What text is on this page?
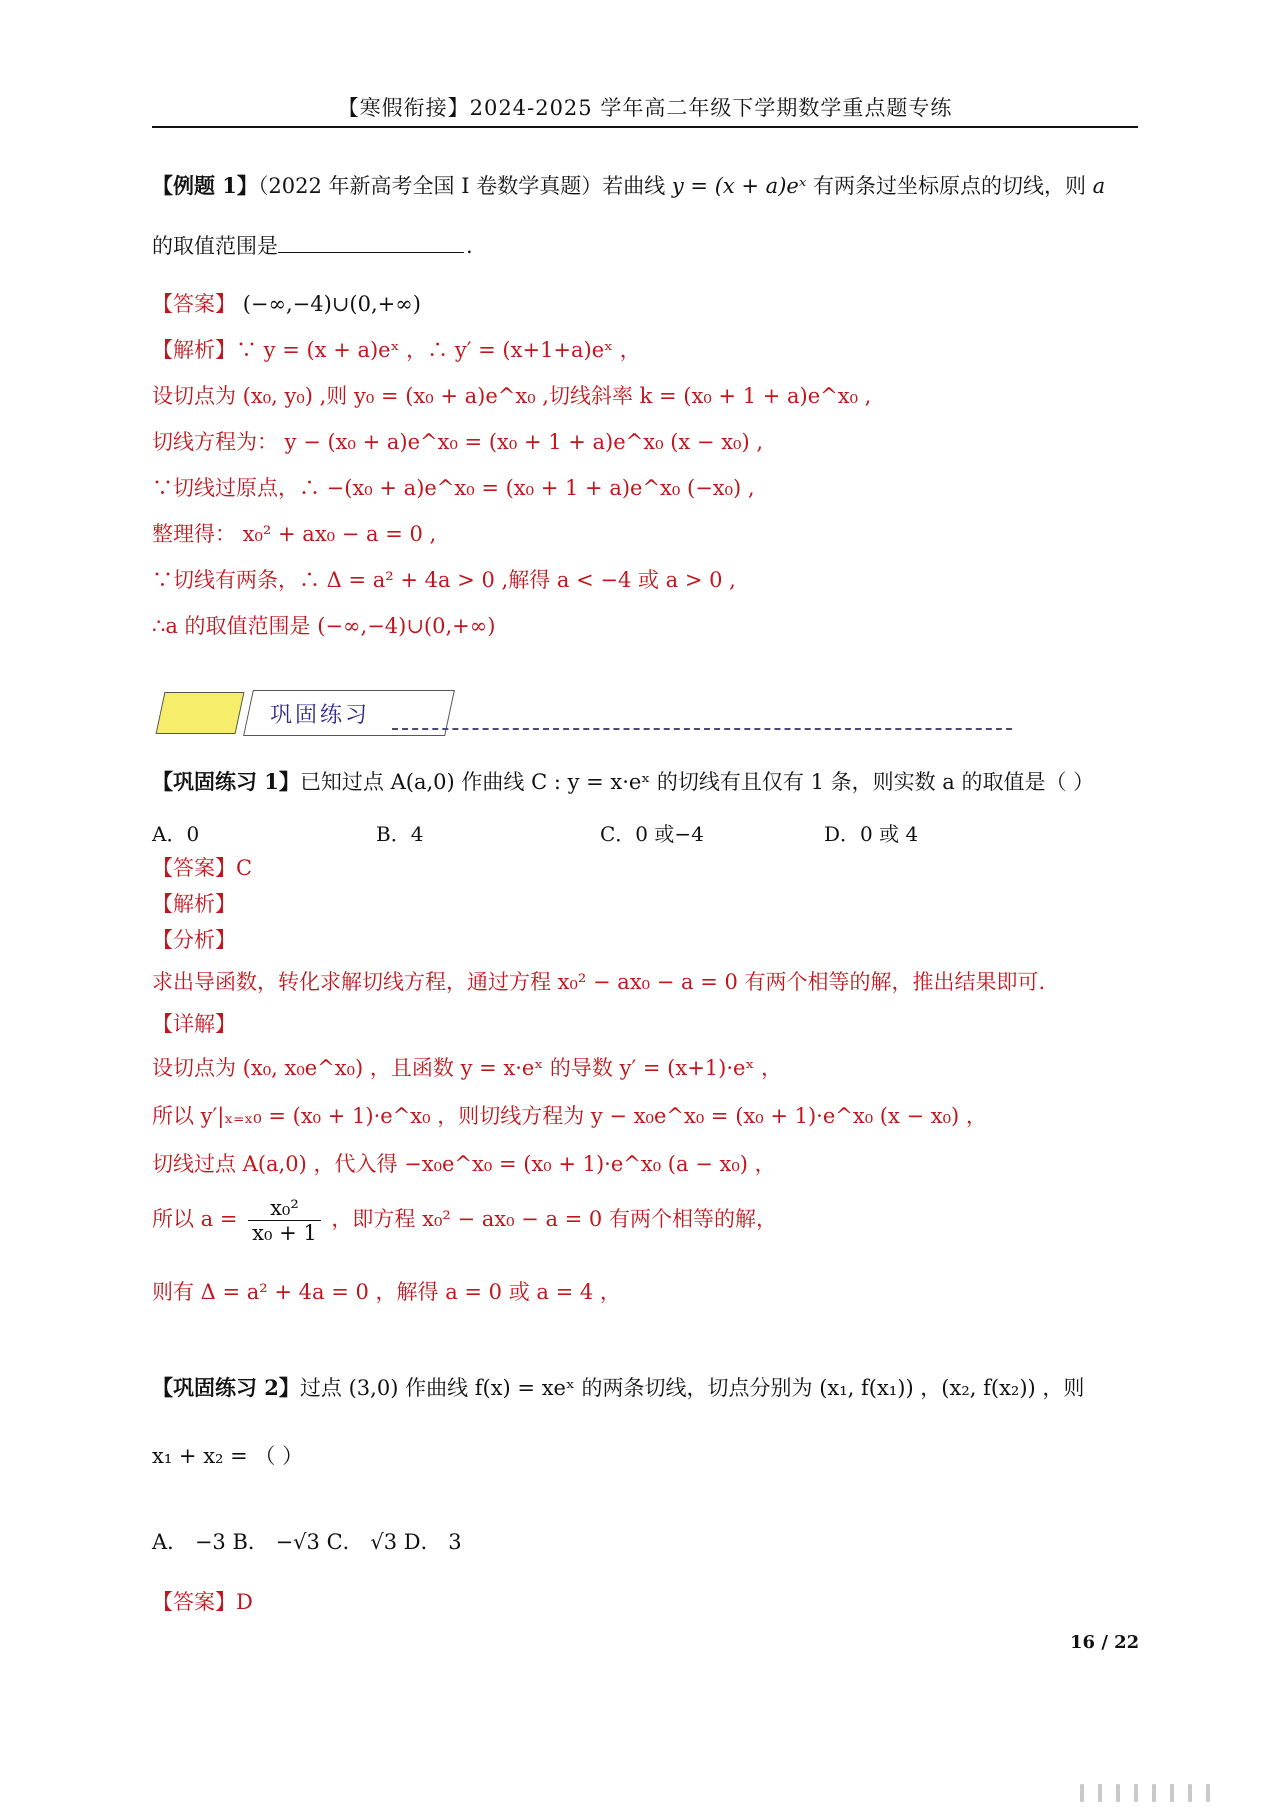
【寒假衔接】2024-2025 学年高二年级下学期数学重点题专练
【例题 1】（2022 年新高考全国 I 卷数学真题）若曲线 y = (x + a)eˣ 有两条过坐标原点的切线，则 a
的取值范围是	.
【答案】 (−∞,−4)∪(0,+∞)
【解析】∵ y = (x + a)eˣ ，∴ y′ = (x+1+a)eˣ ，
设切点为 (x₀, y₀) ,则 y₀ = (x₀ + a)e^x₀ ,切线斜率 k = (x₀ + 1 + a)e^x₀ ,
切线方程为： y − (x₀ + a)e^x₀ = (x₀ + 1 + a)e^x₀ (x − x₀) ,
∵切线过原点，∴ −(x₀ + a)e^x₀ = (x₀ + 1 + a)e^x₀ (−x₀) ,
整理得： x₀² + ax₀ − a = 0 ,
∵切线有两条，∴ Δ = a² + 4a > 0 ,解得 a < −4 或 a > 0 ,
∴a 的取值范围是 (−∞,−4)∪(0,+∞)
巩固练习
【巩固练习 1】已知过点 A(a,0) 作曲线 C : y = x·eˣ 的切线有且仅有 1 条，则实数 a 的取值是（ ）
A．0	B．4	C．0 或−4	D．0 或 4
【答案】C
【解析】
【分析】
求出导函数，转化求解切线方程，通过方程 x₀² − ax₀ − a = 0 有两个相等的解，推出结果即可.
【详解】
设切点为 (x₀, x₀e^x₀) ，且函数 y = x·eˣ 的导数 y′ = (x+1)·eˣ ，
所以 y′|ₓ₌ₓ₀ = (x₀ + 1)·e^x₀ ，则切线方程为 y − x₀e^x₀ = (x₀ + 1)·e^x₀ (x − x₀) ，
切线过点 A(a,0) ，代入得 −x₀e^x₀ = (x₀ + 1)·e^x₀ (a − x₀) ，
所以 $a = \frac{\text{x₀²}}{\text{x₀ + 1}}$ ，即方程 x₀² − ax₀ − a = 0 有两个相等的解，
则有 Δ = a² + 4a = 0 ，解得 a = 0 或 a = 4 ，
【巩固练习 2】过点 (3,0) 作曲线 f(x) = xeˣ 的两条切线，切点分别为 (x₁, f(x₁)) ，(x₂, f(x₂)) ，则
x₁ + x₂ = （ ）
A． −3 B． −√3 C． √3 D． 3
【答案】D
16 / 22
